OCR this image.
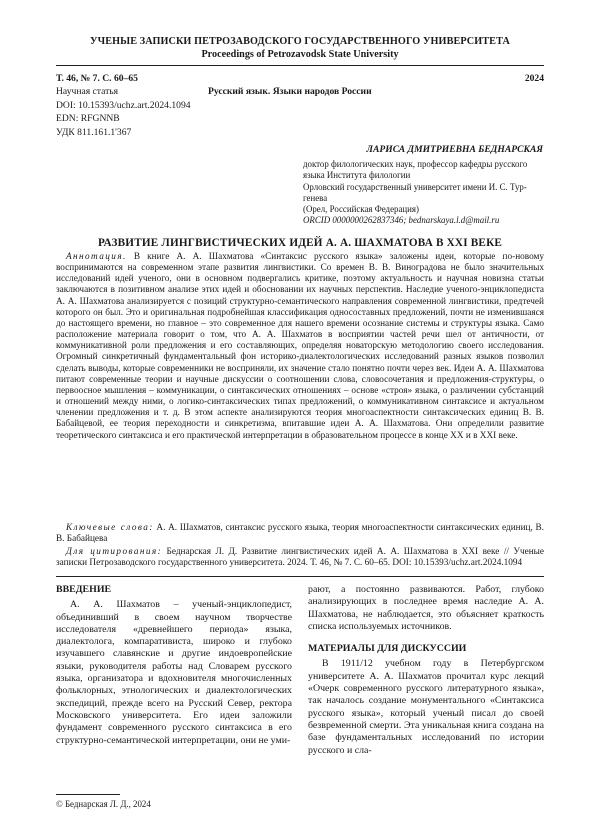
УЧЕНЫЕ ЗАПИСКИ ПЕТРОЗАВОДСКОГО ГОСУДАРСТВЕННОГО УНИВЕРСИТЕТА
Proceedings of Petrozavodsk State University
Т. 46, № 7. С. 60–65	2024
Научная статья	Русский язык. Языки народов России
DOI: 10.15393/uchz.art.2024.1094
EDN: RFGNNB
УДК 811.161.1'367
ЛАРИСА ДМИТРИЕВНА БЕДНАРСКАЯ
доктор филологических наук, профессор кафедры русского
языка Института филологии
Орловский государственный университет имени И. С. Тур-
генева
(Орел, Российская Федерация)
ORCID 0000000262837346; bednarskaya.l.d@mail.ru
РАЗВИТИЕ ЛИНГВИСТИЧЕСКИХ ИДЕЙ А. А. ШАХМАТОВА В XXI ВЕКЕ

Аннотация. В книге А. А. Шахматова «Синтаксис русского языка» заложены идеи, которые по-новому воспринимаются на современном этапе развития лингвистики. Со времен В. В. Виноградова не было значительных исследований идей ученого, они в основном подвергались критике, поэтому актуальность и научная новизна статьи заключаются в позитивном анализе этих идей и обосновании их научных перспектив. Наследие ученого-энциклопедиста А. А. Шахматова анализируется с позиций структурно-семантического направления современной лингвистики, предтечей которого он был. Это и оригинальная подробнейшая классификация односоставных предложений, почти не изменившаяся до настоящего времени, но главное – это современное для нашего времени осознание системы и структуры языка. Само расположение материала говорит о том, что А. А. Шахматов в восприятии частей речи шел от античности, от коммуникативной роли предложения и его составляющих, определяя новаторскую методологию своего исследования. Огромный синкретичный фундаментальный фон историко-диалектологических исследований разных языков позволил сделать выводы, которые современники не восприняли, их значение стало понятно почти через век. Идеи А. А. Шахматова питают современные теории и научные дискуссии о соотношении слова, словосочетания и предложения-структуры, о первоосное мышления – коммуникации, о синтаксических отношениях – основе «строя» языка, о различении субстанций и отношений между ними, о логико-синтаксических типах предложений, о коммуникативном синтаксисе и актуальном членении предложения и т. д. В этом аспекте анализируются теория многоаспектности синтаксических единиц В. В. Бабайцевой, ее теория переходности и синкретизма, впитавшие идеи А. А. Шахматова. Они определили развитие теоретического синтаксиса и его практической интерпретации в образовательном процессе в конце XX и в XXI веке.

Ключевые слова: А. А. Шахматов, синтаксис русского языка, теория многоаспектности синтаксических единиц, В. В. Бабайцева

Для цитирования: Беднарская Л. Д. Развитие лингвистических идей А. А. Шахматова в XXI веке // Ученые записки Петрозаводского государственного университета. 2024. Т. 46, № 7. С. 60–65. DOI: 10.15393/uchz.art.2024.1094

ВВЕДЕНИЕ

А. А. Шахматов – ученый-энциклопедист, объединивший в своем научном творчестве исследователя «древнейшего периода» языка, диалектолога, компаративиста, широко и глубоко изучавшего славянские и другие индоевропейские языки, руководителя работы над Словарем русского языка, организатора и вдохновителя многочисленных фольклорных, этнологических и диалектологических экспедиций, прежде всего на Русский Север, ректора Московского университета. Его идеи заложили фундамент современного русского синтаксиса в его структурно-семантической интерпретации, они не уми-

рают, а постоянно развиваются. Работ, глубоко анализирующих в последнее время наследие А. А. Шахматова, не наблюдается, это объясняет краткость списка используемых источников.

МАТЕРИАЛЫ ДЛЯ ДИСКУССИИ

В 1911/12 учебном году в Петербургском университете А. А. Шахматов прочитал курс лекций «Очерк современного русского литературного языка», так началось создание монументального «Синтаксиса русского языка», который ученый писал до своей безвременной смерти. Эта уникальная книга создана на базе фундаментальных исследований по истории русского и сла-

© Беднарская Л. Д., 2024
